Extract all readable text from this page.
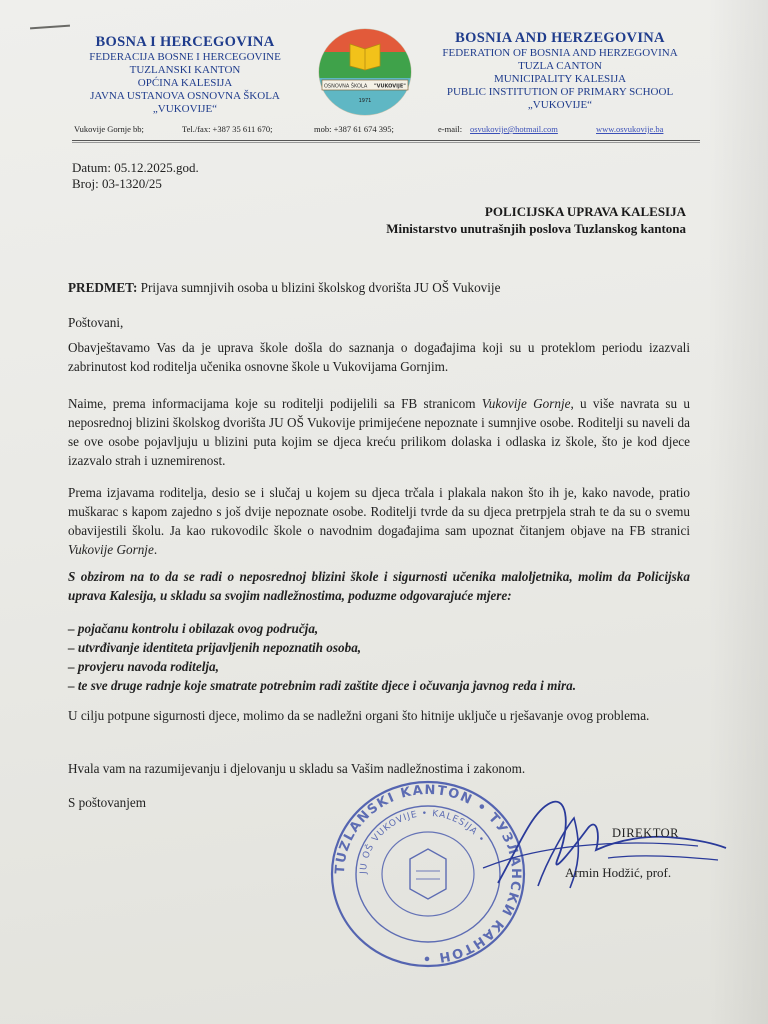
BOSNA I HERCEGOVINA
FEDERACIJA BOSNE I HERCEGOVINE
TUZLANSKI KANTON
OPĆINA KALESIJA
JAVNA USTANOVA OSNOVNA ŠKOLA
„VUKOVIJE“
OSNOVNA ŠKOLA "VUKOVIJE"
1971
BOSNIA AND HERZEGOVINA
FEDERATION OF BOSNIA AND HERZEGOVINA
TUZLA CANTON
MUNICIPALITY KALESIJA
PUBLIC INSTITUTION OF PRIMARY SCHOOL
„VUKOVIJE“
Vukovije Gornje bb;	Tel./fax: +387 35 611 670;	mob: +387 61 674 395;	e-mail: osvukovije@hotmail.com	www.osvukovije.ba
Datum: 05.12.2025.god.
Broj: 03-1320/25
POLICIJSKA UPRAVA KALESIJA
Ministarstvo unutrašnjih poslova Tuzlanskog kantona
PREDMET: Prijava sumnjivih osoba u blizini školskog dvorišta JU OŠ Vukovije
Poštovani,
Obavještavamo Vas da je uprava škole došla do saznanja o događajima koji su u proteklom periodu izazvali zabrinutost kod roditelja učenika osnovne škole u Vukovijama Gornjim.
Naime, prema informacijama koje su roditelji podijelili sa FB stranicom Vukovije Gornje, u više navrata su u neposrednoj blizini školskog dvorišta JU OŠ Vukovije primijećene nepoznate i sumnjive osobe. Roditelji su naveli da se ove osobe pojavljuju u blizini puta kojim se djeca kreću prilikom dolaska i odlaska iz škole, što je kod djece izazvalo strah i uznemirenost.
Prema izjavama roditelja, desio se i slučaj u kojem su djeca trčala i plakala nakon što ih je, kako navode, pratio muškarac s kapom zajedno s još dvije nepoznate osobe. Roditelji tvrde da su djeca pretrpjela strah te da su o svemu obavijestili školu. Ja kao rukovodilc škole o navodnim događajima sam upoznat čitanjem objave na FB stranici Vukovije Gornje.
S obzirom na to da se radi o neposrednoj blizini škole i sigurnosti učenika maloljetnika, molim da Policijska uprava Kalesija, u skladu sa svojim nadležnostima, poduzme odgovarajuće mjere:
– pojačanu kontrolu i obilazak ovog područja,
– utvrđivanje identiteta prijavljenih nepoznatih osoba,
– provjeru navoda roditelja,
– te sve druge radnje koje smatrate potrebnim radi zaštite djece i očuvanja javnog reda i mira.
U cilju potpune sigurnosti djece, molimo da se nadležni organi što hitnije uključe u rješavanje ovog problema.
Hvala vam na razumijevanju i djelovanju u skladu sa Vašim nadležnostima i zakonom.
S poštovanjem
TUZLANSKI KANTON • ТУЗЛАНСКИ КАНТОН •
JU OŠ VUKOVIJE • KALESIJA •	DIREKTOR
Armin Hodžić, prof.
